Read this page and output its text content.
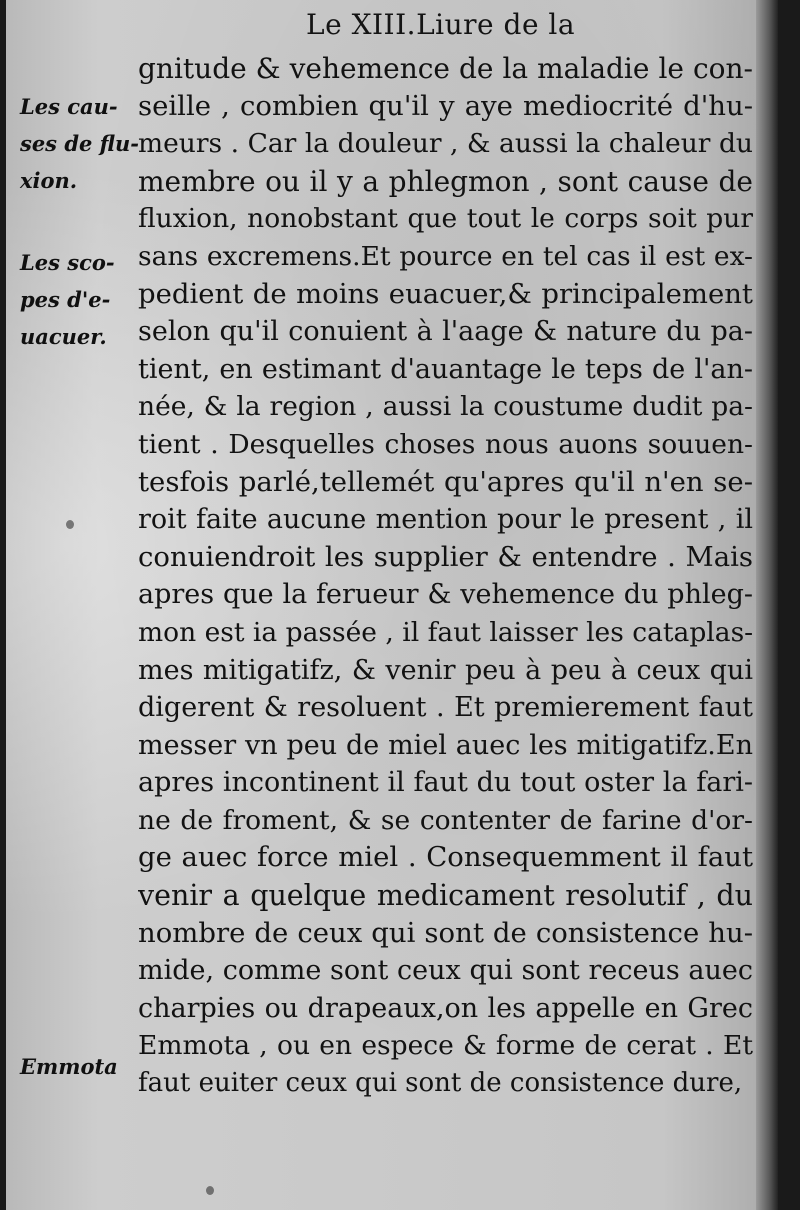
Le XIII.Liure de la
gnitude & vehemence de la maladie le con-
seille , combien qu'il y aye mediocrité d'hu-
meurs . Car la douleur , & aussi la chaleur du
membre ou il y a phlegmon , sont cause de
fluxion, nonobstant que tout le corps soit pur
sans excremens.Et pource en tel cas il est ex-
pedient de moins euacuer,& principalement
selon qu'il conuient à l'aage & nature du pa-
tient, en estimant d'auantage le teps de l'an-
née, & la region , aussi la coustume dudit pa-
tient . Desquelles choses nous auons souuen-
tesfois parlé,tellemét qu'apres qu'il n'en se-
roit faite aucune mention pour le present , il
conuiendroit les supplier & entendre . Mais
apres que la ferueur & vehemence du phleg-
mon est ia passée , il faut laisser les cataplas-
mes mitigatifz, & venir peu à peu à ceux qui
digerent & resoluent . Et premierement faut
messer vn peu de miel auec les mitigatifz.En
apres incontinent il faut du tout oster la fari-
ne de froment, & se contenter de farine d'or-
ge auec force miel . Consequemment il faut
venir a quelque medicament resolutif , du
nombre de ceux qui sont de consistence hu-
mide, comme sont ceux qui sont receus auec
charpies ou drapeaux,on les appelle en Grec
Emmota , ou en espece & forme de cerat . Et
faut euiter ceux qui sont de consistence dure,
Les cau-
ses de flu-
xion.
Les sco-
pes d'e-
uacuer.
Emmota
